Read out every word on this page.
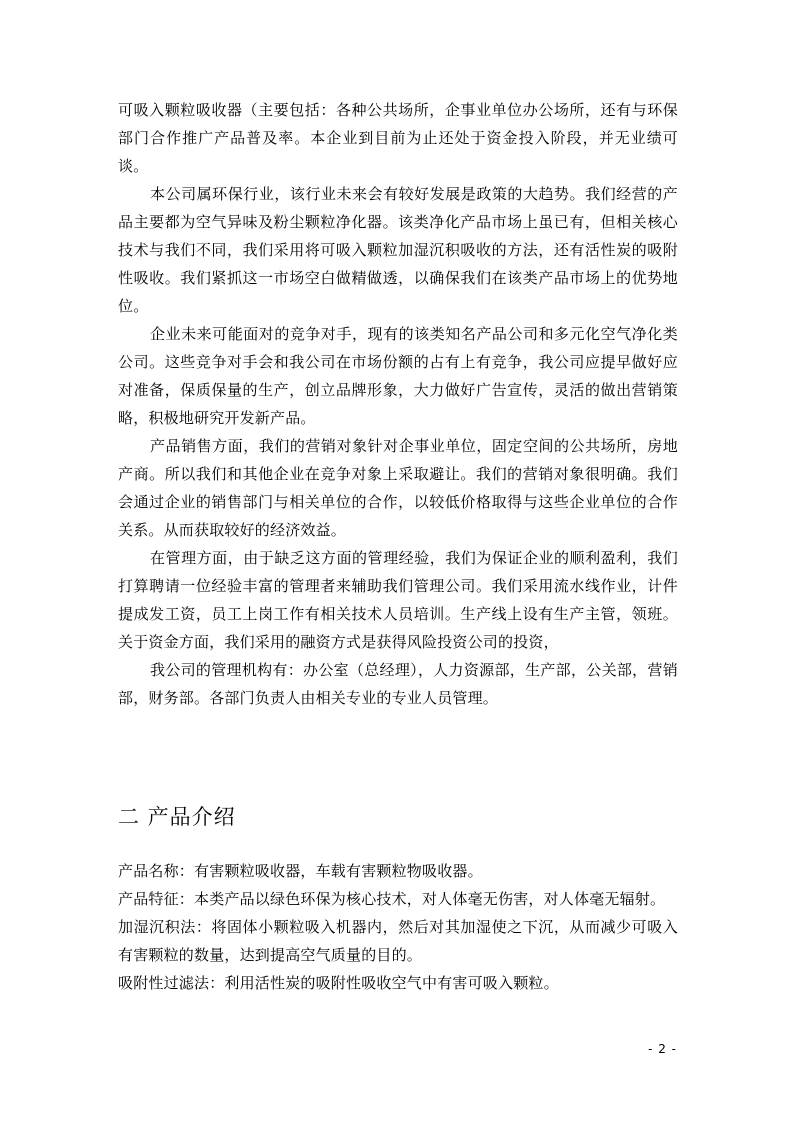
可吸入颗粒吸收器（主要包括：各种公共场所，企事业单位办公场所，还有与环保部门合作推广产品普及率。本企业到目前为止还处于资金投入阶段，并无业绩可谈。

本公司属环保行业，该行业未来会有较好发展是政策的大趋势。我们经营的产品主要都为空气异味及粉尘颗粒净化器。该类净化产品市场上虽已有，但相关核心技术与我们不同，我们采用将可吸入颗粒加湿沉积吸收的方法，还有活性炭的吸附性吸收。我们紧抓这一市场空白做精做透，以确保我们在该类产品市场上的优势地位。

企业未来可能面对的竞争对手，现有的该类知名产品公司和多元化空气净化类公司。这些竞争对手会和我公司在市场份额的占有上有竞争，我公司应提早做好应对准备，保质保量的生产，创立品牌形象，大力做好广告宣传，灵活的做出营销策略，积极地研究开发新产品。

产品销售方面，我们的营销对象针对企事业单位，固定空间的公共场所，房地产商。所以我们和其他企业在竞争对象上采取避让。我们的营销对象很明确。我们会通过企业的销售部门与相关单位的合作，以较低价格取得与这些企业单位的合作关系。从而获取较好的经济效益。

在管理方面，由于缺乏这方面的管理经验，我们为保证企业的顺利盈利，我们打算聘请一位经验丰富的管理者来辅助我们管理公司。我们采用流水线作业，计件提成发工资，员工上岗工作有相关技术人员培训。生产线上设有生产主管，领班。关于资金方面，我们采用的融资方式是获得风险投资公司的投资，

我公司的管理机构有：办公室（总经理），人力资源部，生产部，公关部，营销部，财务部。各部门负责人由相关专业的专业人员管理。

二 产品介绍

产品名称：有害颗粒吸收器，车载有害颗粒物吸收器。

产品特征：本类产品以绿色环保为核心技术，对人体毫无伤害，对人体毫无辐射。

加湿沉积法：将固体小颗粒吸入机器内，然后对其加湿使之下沉，从而减少可吸入有害颗粒的数量，达到提高空气质量的目的。

吸附性过滤法：利用活性炭的吸附性吸收空气中有害可吸入颗粒。

- 2 -
